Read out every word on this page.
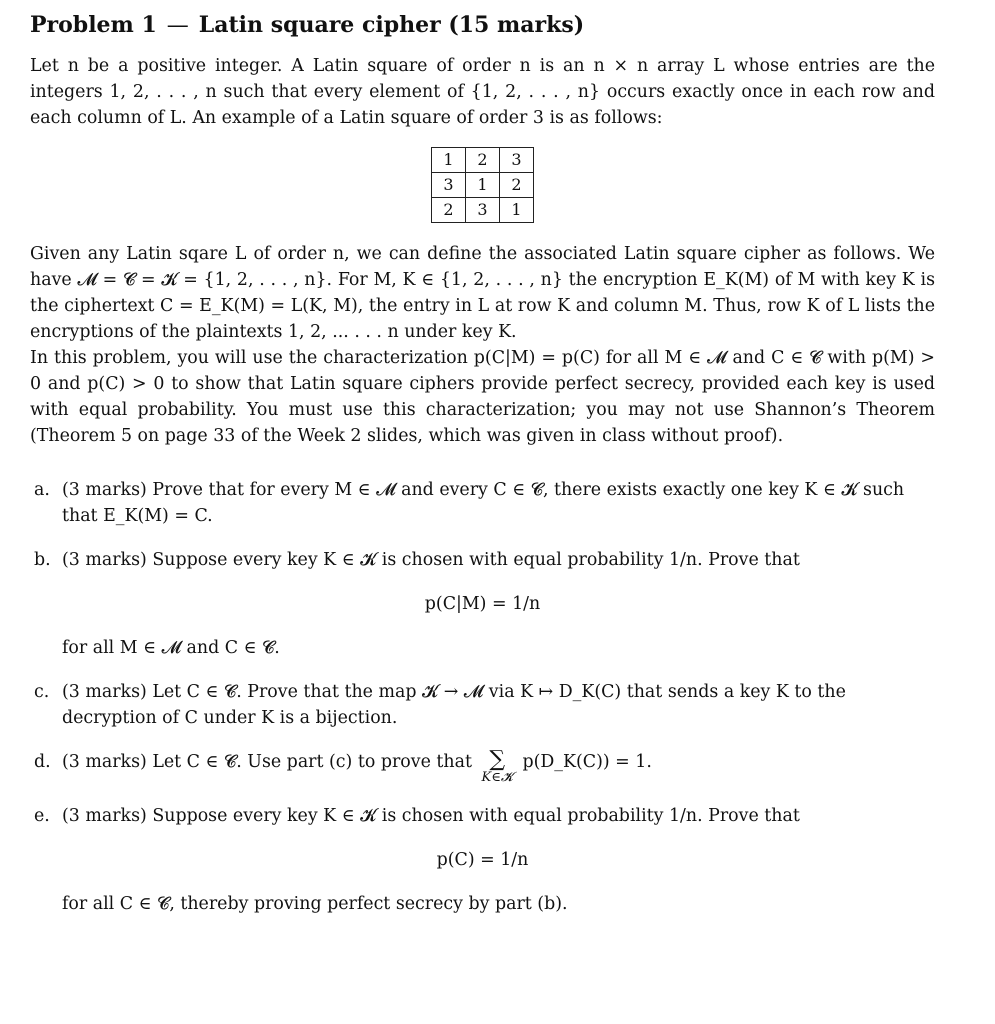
Problem 1 — Latin square cipher (15 marks)

Let n be a positive integer. A Latin square of order n is an n × n array L whose entries are the integers 1, 2, . . . , n such that every element of {1, 2, . . . , n} occurs exactly once in each row and each column of L. An example of a Latin square of order 3 is as follows:

1	2	3
3	1	2
2	3	1

Given any Latin sqare L of order n, we can define the associated Latin square cipher as follows. We have 𝓜 = 𝓒 = 𝓚 = {1, 2, . . . , n}. For M, K ∈ {1, 2, . . . , n} the encryption E_K(M) of M with key K is the ciphertext C = E_K(M) = L(K, M), the entry in L at row K and column M. Thus, row K of L lists the encryptions of the plaintexts 1, 2, ... . . . n under key K.

In this problem, you will use the characterization p(C|M) = p(C) for all M ∈ 𝓜 and C ∈ 𝓒 with p(M) > 0 and p(C) > 0 to show that Latin square ciphers provide perfect secrecy, provided each key is used with equal probability. You must use this characterization; you may not use Shannon’s Theorem (Theorem 5 on page 33 of the Week 2 slides, which was given in class without proof).

a. (3 marks) Prove that for every M ∈ 𝓜 and every C ∈ 𝓒, there exists exactly one key K ∈ 𝓚 such that E_K(M) = C.
b. (3 marks) Suppose every key K ∈ 𝓚 is chosen with equal probability 1/n. Prove that
p(C|M) = 1/n
for all M ∈ 𝓜 and C ∈ 𝓒.
c. (3 marks) Let C ∈ 𝓒. Prove that the map 𝓚 → 𝓜 via K ↦ D_K(C) that sends a key K to the decryption of C under K is a bijection.
d. (3 marks) Let C ∈ 𝓒. Use part (c) to prove that ∑
K∈𝓚
p(D_K(C)) = 1.
e. (3 marks) Suppose every key K ∈ 𝓚 is chosen with equal probability 1/n. Prove that
p(C) = 1/n
for all C ∈ 𝓒, thereby proving perfect secrecy by part (b).
